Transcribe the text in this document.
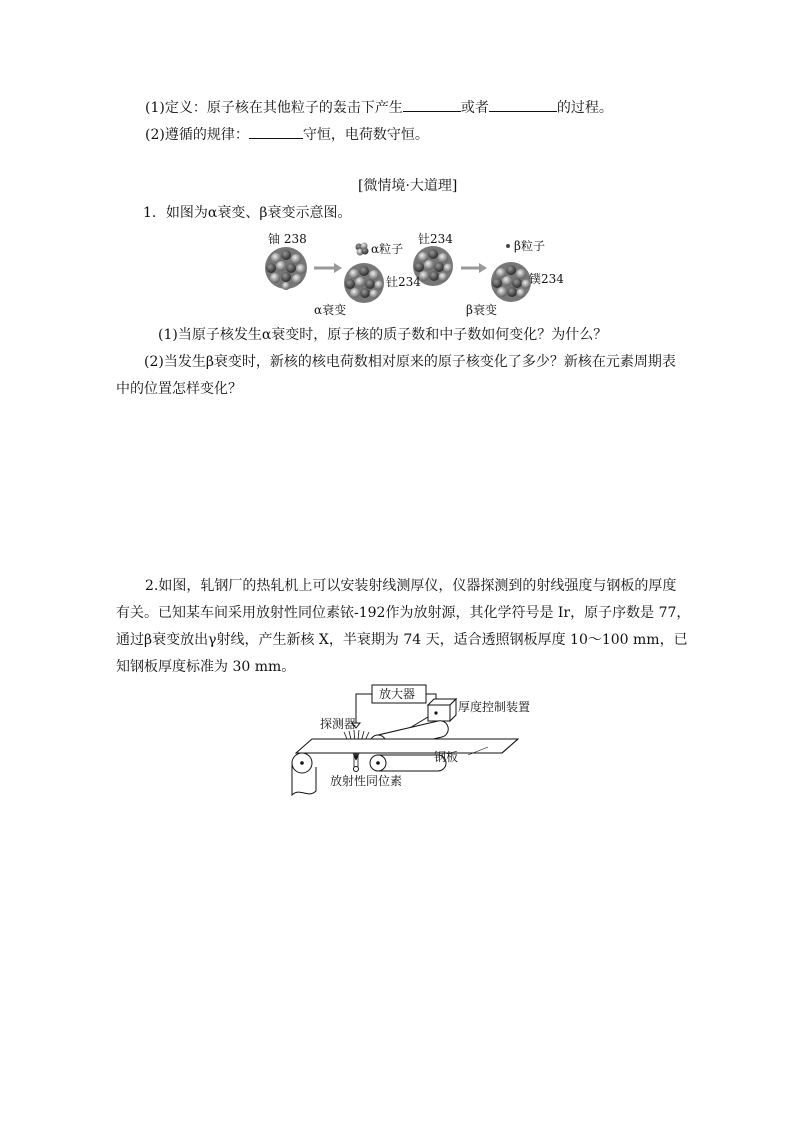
(1)定义：原子核在其他粒子的轰击下产生	或者	的过程。
(2)遵循的规律：	守恒，电荷数守恒。
[微情境·大道理]
1．如图为α衰变、β衰变示意图。
铀 238
α粒子
钍234
钍234	β粒子
镤234
α衰变	β衰变
(1)当原子核发生α衰变时，原子核的质子数和中子数如何变化？为什么？
(2)当发生β衰变时，新核的核电荷数相对原来的原子核变化了多少？新核在元素周期表
中的位置怎样变化？
2.如图，轧钢厂的热轧机上可以安装射线测厚仪，仪器探测到的射线强度与钢板的厚度
有关。已知某车间采用放射性同位素铱-192作为放射源，其化学符号是 Ir，原子序数是 77，
通过β衰变放出γ射线，产生新核 X，半衰期为 74 天，适合透照钢板厚度 10～100 mm，已
知钢板厚度标准为 30 mm。
放大器
探测器
厚度控制装置
钢板
放射性同位素
